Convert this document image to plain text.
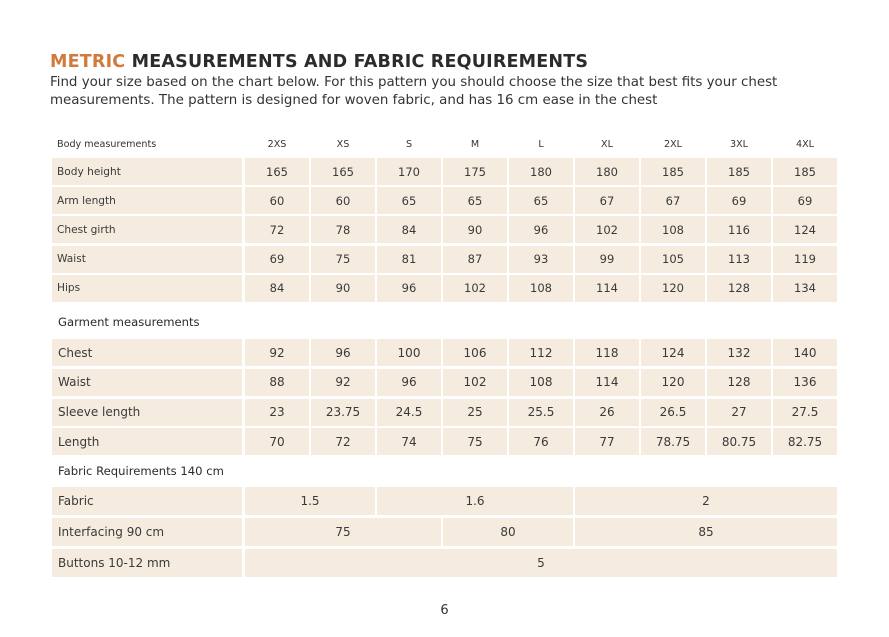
METRIC MEASUREMENTS AND FABRIC REQUIREMENTS
Find your size based on the chart below. For this pattern you should choose the size that best fits your chest measurements. The pattern is designed for woven fabric, and has 16 cm ease in the chest
Body measurements	2XS	XS	S	M	L	XL	2XL	3XL	4XL
Body height	165	165	170	175	180	180	185	185	185
Arm length	60	60	65	65	65	67	67	69	69
Chest girth	72	78	84	90	96	102	108	116	124
Waist	69	75	81	87	93	99	105	113	119
Hips	84	90	96	102	108	114	120	128	134
Garment measurements
Chest	92	96	100	106	112	118	124	132	140
Waist	88	92	96	102	108	114	120	128	136
Sleeve length	23	23.75	24.5	25	25.5	26	26.5	27	27.5
Length	70	72	74	75	76	77	78.75	80.75	82.75
Fabric Requirements 140 cm
Fabric	1.5	1.6	2
Interfacing 90 cm	75	80	85
Buttons 10-12 mm	5
6
